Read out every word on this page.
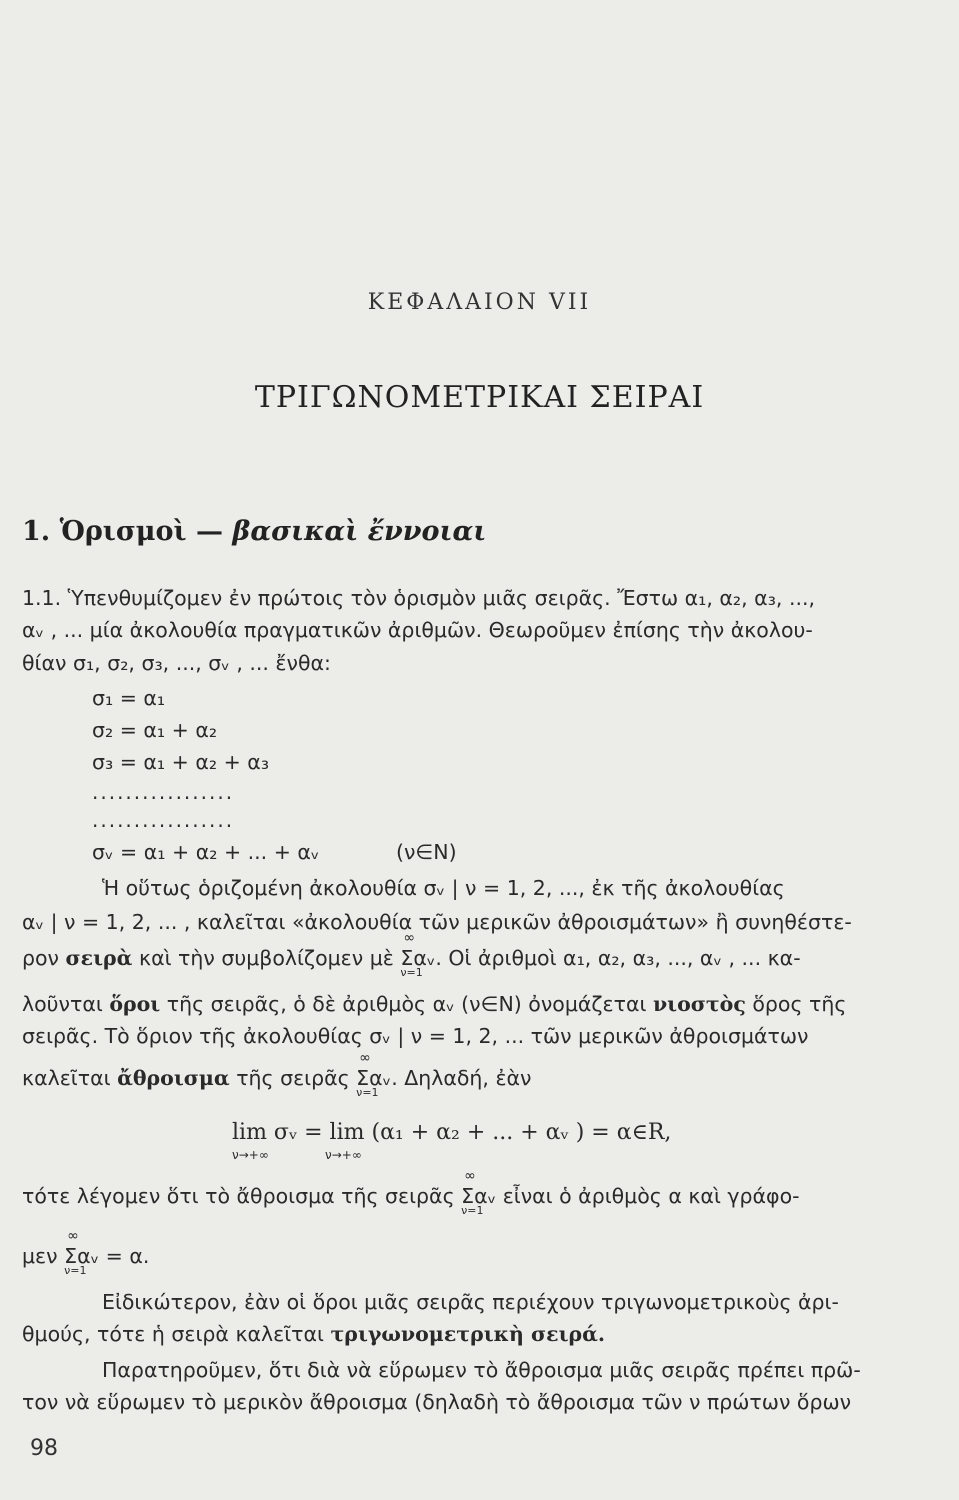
ΚΕΦΑΛΑΙΟΝ VII
ΤΡΙΓΩΝΟΜΕΤΡΙΚΑΙ ΣΕΙΡΑΙ
1. Ὁρισμοὶ — βασικαὶ ἔννοιαι
1.1. Ὑπενθυμίζομεν ἐν πρώτοις τὸν ὁρισμὸν μιᾶς σειρᾶς. Ἔστω α₁, α₂, α₃, ...,
αᵥ , ... μία ἀκολουθία πραγματικῶν ἀριθμῶν. Θεωροῦμεν ἐπίσης τὴν ἀκολου-
θίαν σ₁, σ₂, σ₃, ..., σᵥ , ... ἔνθα:
σ₁ = α₁
σ₂ = α₁ + α₂
σ₃ = α₁ + α₂ + α₃
.................
.................
σᵥ = α₁ + α₂ + ... + αᵥ	(ν∈N)
Ἡ οὕτως ὁριζομένη ἀκολουθία σᵥ | ν = 1, 2, ..., ἐκ τῆς ἀκολουθίας
αᵥ | ν = 1, 2, ... , καλεῖται «ἀκολουθία τῶν μερικῶν ἀθροισμάτων» ἢ συνηθέστε-
ρον σειρὰ καὶ τὴν συμβολίζομεν μὲ
∞
Σ
ν=1
αᵥ. Οἱ ἀριθμοὶ α₁, α₂, α₃, ..., αᵥ , ... κα-
λοῦνται ὅροι τῆς σειρᾶς, ὁ δὲ ἀριθμὸς αᵥ (ν∈N) ὀνομάζεται νιοστὸς ὅρος τῆς
σειρᾶς. Τὸ ὅριον τῆς ἀκολουθίας σᵥ | ν = 1, 2, ... τῶν μερικῶν ἀθροισμάτων
καλεῖται ἄθροισμα τῆς σειρᾶς
∞
Σ
ν=1
αᵥ. Δηλαδή, ἐὰν
lim σᵥ = lim (α₁ + α₂ + ... + αᵥ ) = α∈R,
ν→+∞	ν→+∞
τότε λέγομεν ὅτι τὸ ἄθροισμα τῆς σειρᾶς
∞
Σ
ν=1
αᵥ εἶναι ὁ ἀριθμὸς α καὶ γράφο-
μεν
∞
Σ
ν=1
αᵥ = α.
Εἰδικώτερον, ἐὰν οἱ ὅροι μιᾶς σειρᾶς περιέχουν τριγωνομετρικοὺς ἀρι-
θμούς, τότε ἡ σειρὰ καλεῖται τριγωνομετρικὴ σειρά.
Παρατηροῦμεν, ὅτι διὰ νὰ εὕρωμεν τὸ ἄθροισμα μιᾶς σειρᾶς πρέπει πρῶ-
τον νὰ εὕρωμεν τὸ μερικὸν ἄθροισμα (δηλαδὴ τὸ ἄθροισμα τῶν ν πρώτων ὅρων
98
